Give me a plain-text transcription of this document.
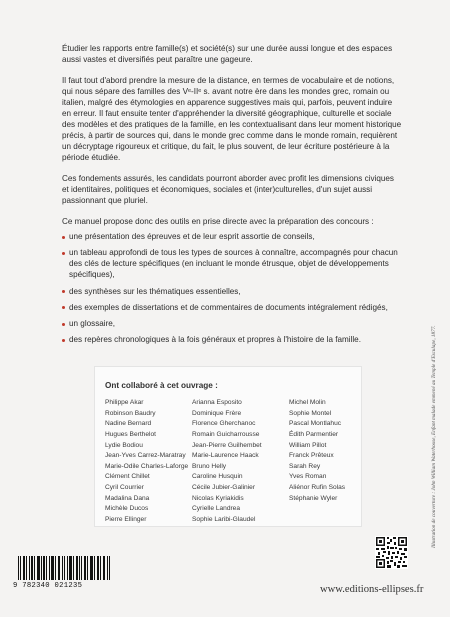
Étudier les rapports entre famille(s) et société(s) sur une durée aussi longue et des espaces aussi vastes et diversifiés peut paraître une gageure.

Il faut tout d'abord prendre la mesure de la distance, en termes de vocabulaire et de notions, qui nous sépare des familles des Vᵉ-IIᵉ s. avant notre ère dans les mondes grec, romain ou italien, malgré des étymologies en apparence suggestives mais qui, parfois, peuvent induire en erreur. Il faut ensuite tenter d'appréhender la diversité géographique, culturelle et sociale des modèles et des pratiques de la famille, en les contextualisant dans leur moment historique précis, à partir de sources qui, dans le monde grec comme dans le monde romain, requièrent un décryptage rigoureux et critique, du fait, le plus souvent, de leur écriture postérieure à la période étudiée.

Ces fondements assurés, les candidats pourront aborder avec profit les dimensions civiques et identitaires, politiques et économiques, sociales et (inter)culturelles, d'un sujet aussi passionnant que pluriel.

Ce manuel propose donc des outils en prise directe avec la préparation des concours :

une présentation des épreuves et de leur esprit assortie de conseils,
un tableau approfondi de tous les types de sources à connaître, accompagnés pour chacun des clés de lecture spécifiques (en incluant le monde étrusque, objet de développements spécifiques),
des synthèses sur les thématiques essentielles,
des exemples de dissertations et de commentaires de documents intégralement rédigés,
un glossaire,
des repères chronologiques à la fois généraux et propres à l'histoire de la famille.
Ont collaboré à cet ouvrage :
Philippe Akar
Robinson Baudry
Nadine Bernard
Hugues Berthelot
Lydie Bodiou
Jean-Yves Carrez-Maratray
Marie-Odile Charles-Laforge
Clément Chillet
Cyril Courrier
Madalina Dana
Michèle Ducos
Pierre Ellinger
Arianna Esposito
Dominique Frère
Florence Gherchanoc
Romain Guicharrousse
Jean-Pierre Guilhembet
Marie-Laurence Haack
Bruno Helly
Caroline Husquin
Cécile Jubier-Galinier
Nicolas Kyriakidis
Cyrielle Landrea
Sophie Laribi-Glaudel
Michel Molin
Sophie Montel
Pascal Montlahuc
Édith Parmentier
William Pillot
Franck Prêteux
Sarah Rey
Yves Roman
Aliénor Rufin Solas
Stéphanie Wyler	Illustration de couverture : John William Waterhouse, Enfant malade emmené au Temple d'Esculape, 1877.
9 782340 021235	www.editions-ellipses.fr
